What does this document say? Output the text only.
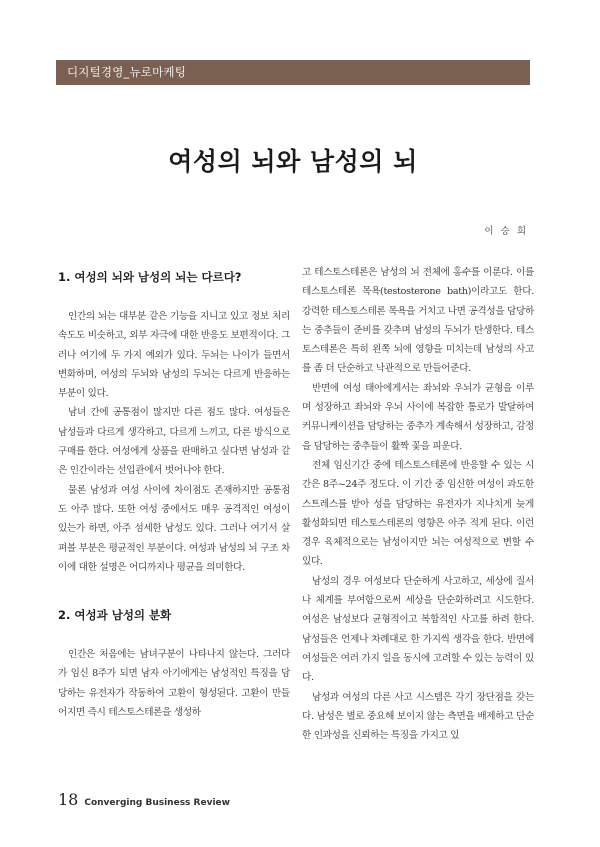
디지털경영_뉴로마케팅
여성의 뇌와 남성의 뇌
이 승 희
1. 여성의 뇌와 남성의 뇌는 다르다?

인간의 뇌는 대부분 같은 기능을 지니고 있고 정보 처리 속도도 비슷하고, 외부 자극에 대한 반응도 보편적이다. 그러나 여기에 두 가지 예외가 있다. 두뇌는 나이가 들면서 변화하며, 여성의 두뇌와 남성의 두뇌는 다르게 반응하는 부분이 있다.

남녀 간에 공통점이 많지만 다른 점도 많다. 여성들은 남성들과 다르게 생각하고, 다르게 느끼고, 다른 방식으로 구매를 한다. 여성에게 상품을 판매하고 싶다면 남성과 같은 인간이라는 선입관에서 벗어나야 한다.

물론 남성과 여성 사이에 차이점도 존재하지만 공통점도 아주 많다. 또한 여성 중에서도 매우 공격적인 여성이 있는가 하면, 아주 섬세한 남성도 있다. 그러나 여기서 살펴볼 부분은 평균적인 부분이다. 여성과 남성의 뇌 구조 차이에 대한 설명은 어디까지나 평균을 의미한다.

2. 여성과 남성의 분화

인간은 처음에는 남녀구분이 나타나지 않는다. 그러다가 임신 8주가 되면 남자 아기에게는 남성적인 특징을 담당하는 유전자가 작동하여 고환이 형성된다. 고환이 만들어지면 즉시 테스토스테론을 생성하

고 테스토스테론은 남성의 뇌 전체에 홍수를 이룬다. 이를 테스토스테론 목욕(testosterone bath)이라고도 한다. 강력한 테스토스테론 목욕을 거치고 나면 공격성을 담당하는 중추들이 준비를 갖추며 남성의 두뇌가 탄생한다. 테스토스테론은 특히 왼쪽 뇌에 영향을 미치는데 남성의 사고를 좀 더 단순하고 낙관적으로 만들어준다.

반면에 여성 태아에게서는 좌뇌와 우뇌가 균형을 이루며 성장하고 좌뇌와 우뇌 사이에 복잡한 통로가 발달하여 커뮤니케이션을 담당하는 중추가 계속해서 성장하고, 감정을 담당하는 중추들이 활짝 꽃을 피운다.

전체 임신기간 중에 테스토스테론에 반응할 수 있는 시간은 8주~24주 정도다. 이 기간 중 임신한 여성이 과도한 스트레스를 받아 성을 담당하는 유전자가 지나치게 늦게 활성화되면 테스토스테론의 영향은 아주 적게 된다. 이런 경우 육체적으로는 남성이지만 뇌는 여성적으로 변할 수 있다.

남성의 경우 여성보다 단순하게 사고하고, 세상에 질서나 체계를 부여함으로써 세상을 단순화하려고 시도한다. 여성은 남성보다 균형적이고 복합적인 사고를 하려 한다. 남성들은 언제나 차례대로 한 가지씩 생각을 한다. 반면에 여성들은 여러 가지 일을 동시에 고려할 수 있는 능력이 있다.

남성과 여성의 다른 사고 시스템은 각기 장단점을 갖는다. 남성은 별로 중요해 보이지 않는 측면을 배제하고 단순한 인과성을 신뢰하는 특징을 가지고 있

18 Converging Business Review
